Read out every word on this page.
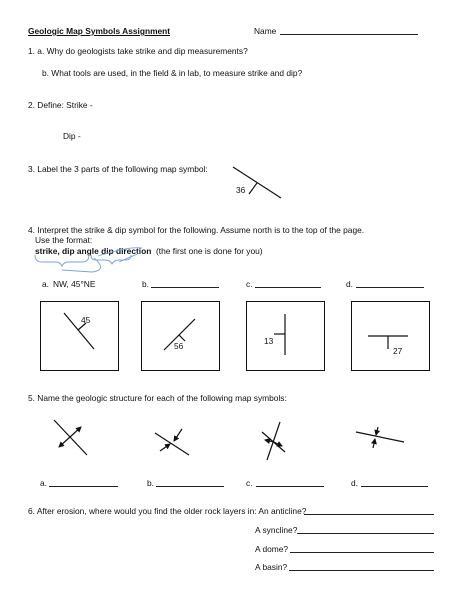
Geologic Map Symbols Assignment	Name
1. a. Why do geologists take strike and dip measurements?
b. What tools are used, in the field & in lab, to measure strike and dip?
2. Define: Strike -
Dip -
3. Label the 3 parts of the following map symbol:
36
4. Interpret the strike & dip symbol for the following. Assume north is to the top of the page.
Use the format:
strike, dip angle dip direction (the first one is done for you)
a. NW, 45°NE	b.	c.	d.
45
56	13
27
5. Name the geologic structure for each of the following map symbols:
a.	b.	c.	d.
6. After erosion, where would you find the older rock layers in: An anticline?
A syncline?
A dome?
A basin?
